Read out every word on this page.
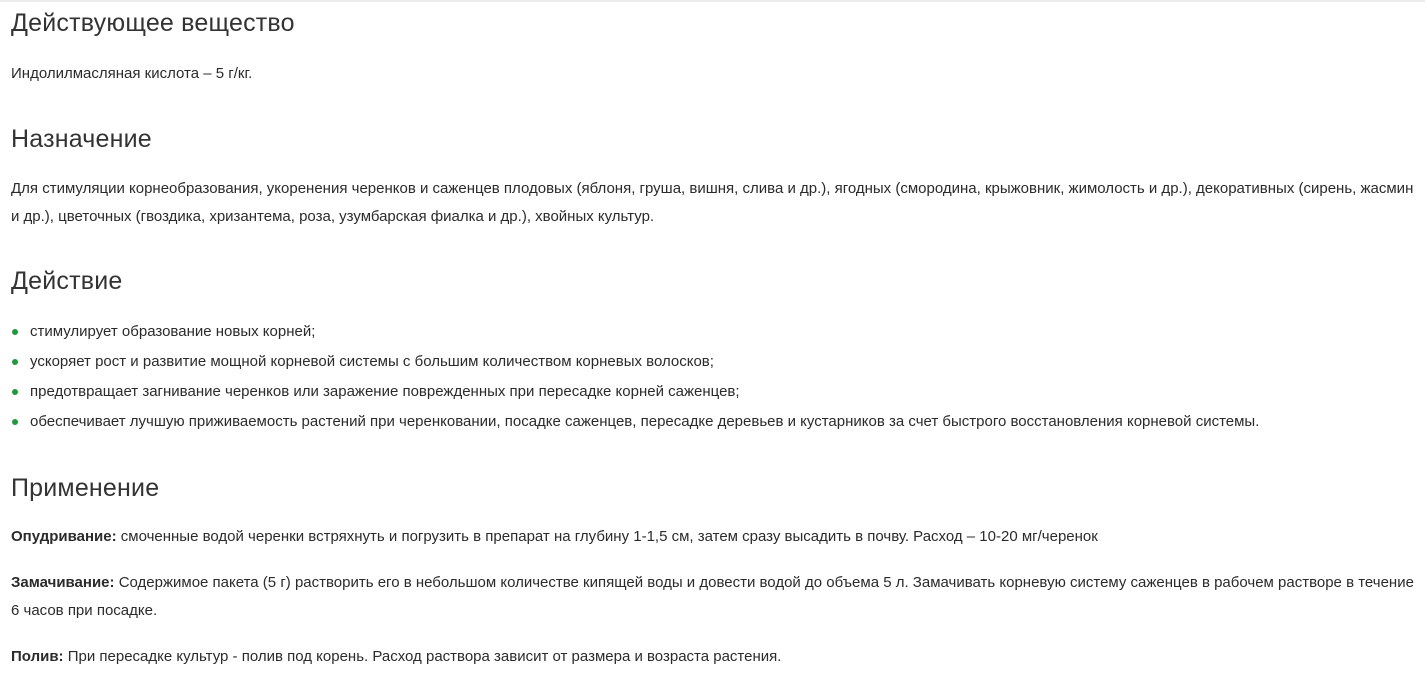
Действующее вещество

Индолилмасляная кислота – 5 г/кг.

Назначение

Для стимуляции корнеобразования, укоренения черенков и саженцев плодовых (яблоня, груша, вишня, слива и др.), ягодных (смородина, крыжовник, жимолость и др.), декоративных (сирень, жасмин и др.), цветочных (гвоздика, хризантема, роза, узумбарская фиалка и др.), хвойных культур.

Действие
стимулирует образование новых корней;
ускоряет рост и развитие мощной корневой системы с большим количеством корневых волосков;
предотвращает загнивание черенков или заражение поврежденных при пересадке корней саженцев;
обеспечивает лучшую приживаемость растений при черенковании, посадке саженцев, пересадке деревьев и кустарников за счет быстрого восстановления корневой системы.
Применение

Опудривание: смоченные водой черенки встряхнуть и погрузить в препарат на глубину 1-1,5 см, затем сразу высадить в почву. Расход – 10-20 мг/черенок

Замачивание: Содержимое пакета (5 г) растворить его в небольшом количестве кипящей воды и довести водой до объема 5 л. Замачивать корневую систему саженцев в рабочем растворе в течение 6 часов при посадке.

Полив: При пересадке культур - полив под корень. Расход раствора зависит от размера и возраста растения.
